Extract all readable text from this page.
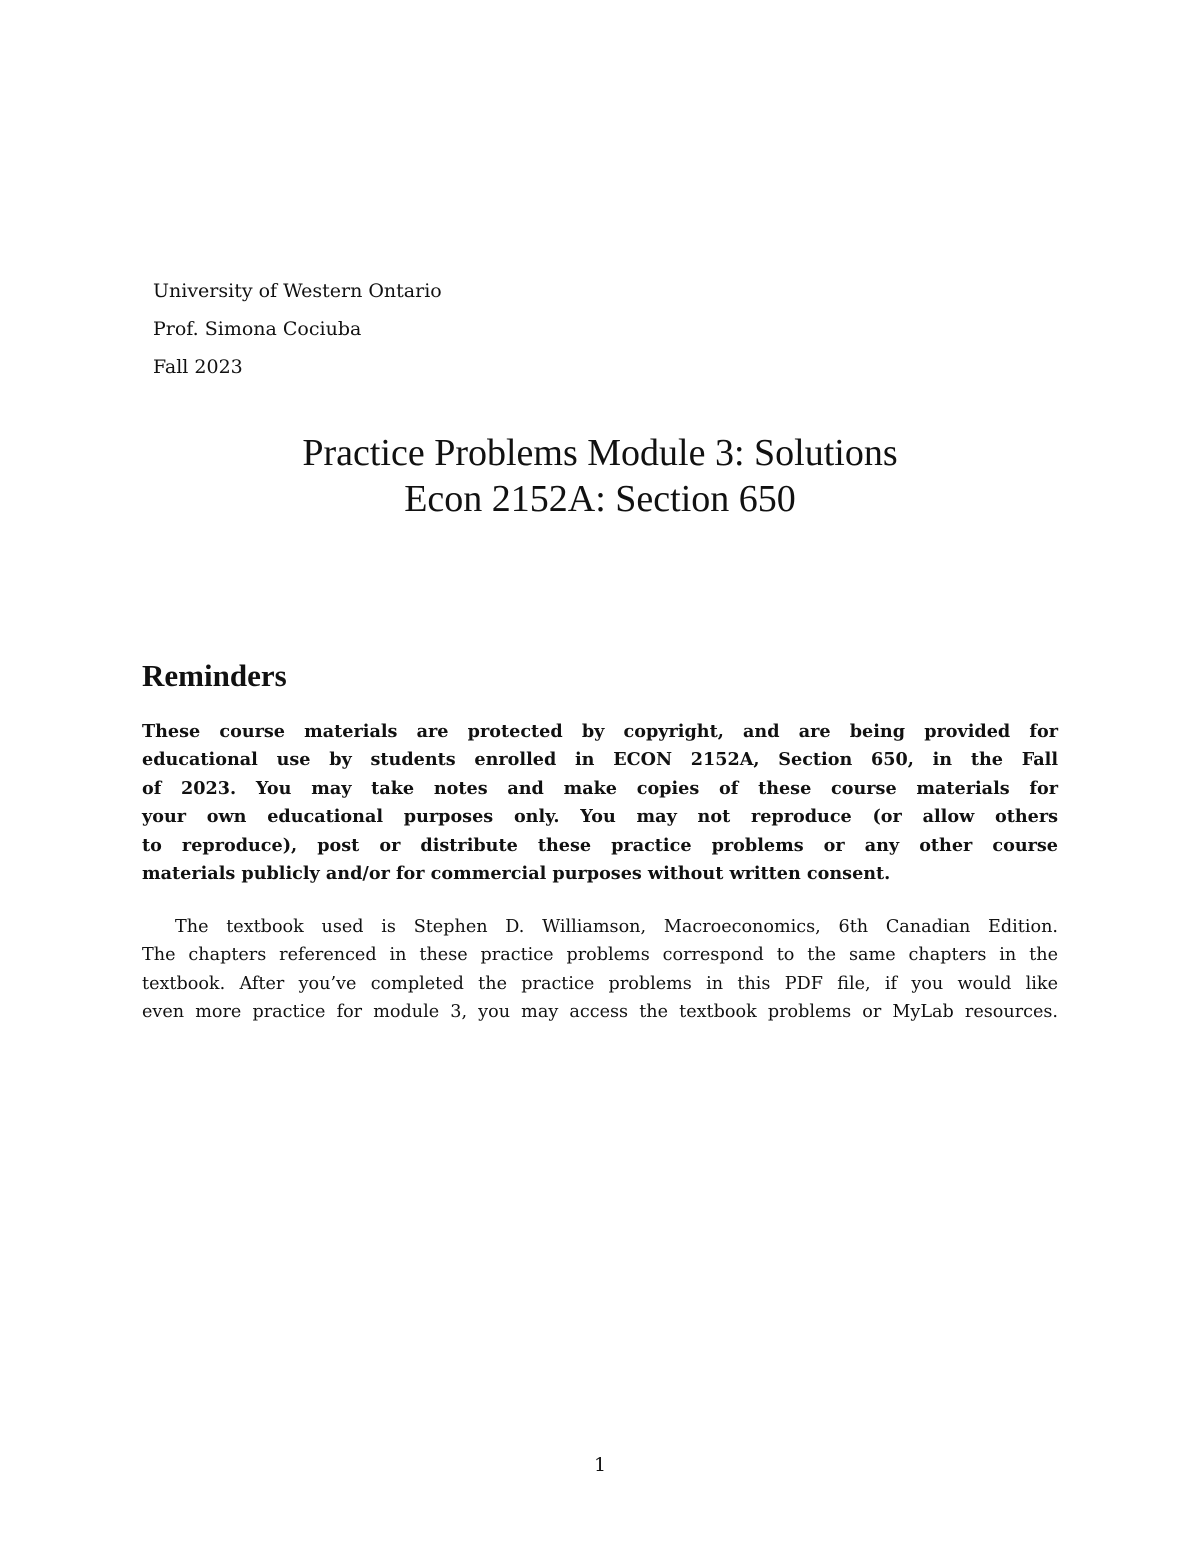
University of Western Ontario
Prof. Simona Cociuba
Fall 2023
Practice Problems Module 3: Solutions
Econ 2152A: Section 650
Reminders
These course materials are protected by copyright, and are being provided for
educational use by students enrolled in ECON 2152A, Section 650, in the Fall
of 2023. You may take notes and make copies of these course materials for
your own educational purposes only. You may not reproduce (or allow others
to reproduce), post or distribute these practice problems or any other course
materials publicly and/or for commercial purposes without written consent.
The textbook used is Stephen D. Williamson, Macroeconomics, 6th Canadian Edition.
The chapters referenced in these practice problems correspond to the same chapters in the
textbook. After you’ve completed the practice problems in this PDF file, if you would like
even more practice for module 3, you may access the textbook problems or MyLab resources.
1
